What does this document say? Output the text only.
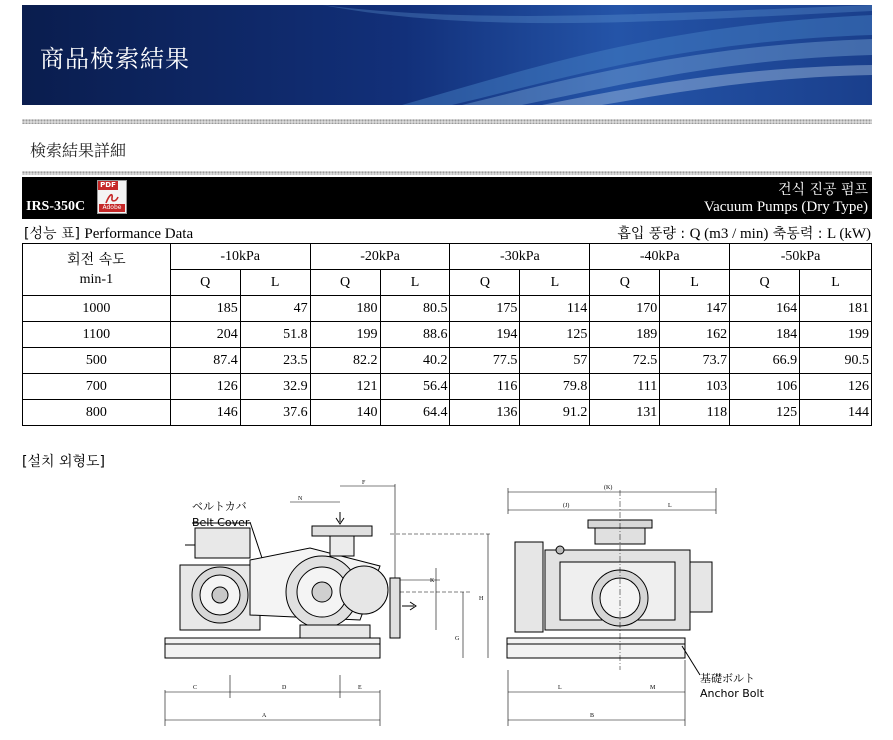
商品検索結果
検索結果詳細
IRS-350C
PDF
Adobe
건식 진공 펌프
Vacuum Pumps (Dry Type)
[성능 표] Performance Data	흡입 풍량 : Q (m3 / min) 축동력 : L (kW)
회전 속도
min-1	-10kPa		-20kPa		-30kPa		-40kPa		-50kPa	
	Q	L	Q	L	Q	L	Q	L	Q	L
1000	185	47	180	80.5	175	114	170	147	164	181
1100	204	51.8	199	88.6	194	125	189	162	184	199
500	87.4	23.5	82.2	40.2	77.5	57	72.5	73.7	66.9	90.5
700	126	32.9	121	56.4	116	79.8	111	103	106	126
800	146	37.6	140	64.4	136	91.2	131	118	125	144
[설치 외형도]
ベルトカバ
Belt Cover
基礎ボルト
Anchor Bolt
N
F
K
H
G
C	D	E
A
(K)
(J)	L
L	M
B
